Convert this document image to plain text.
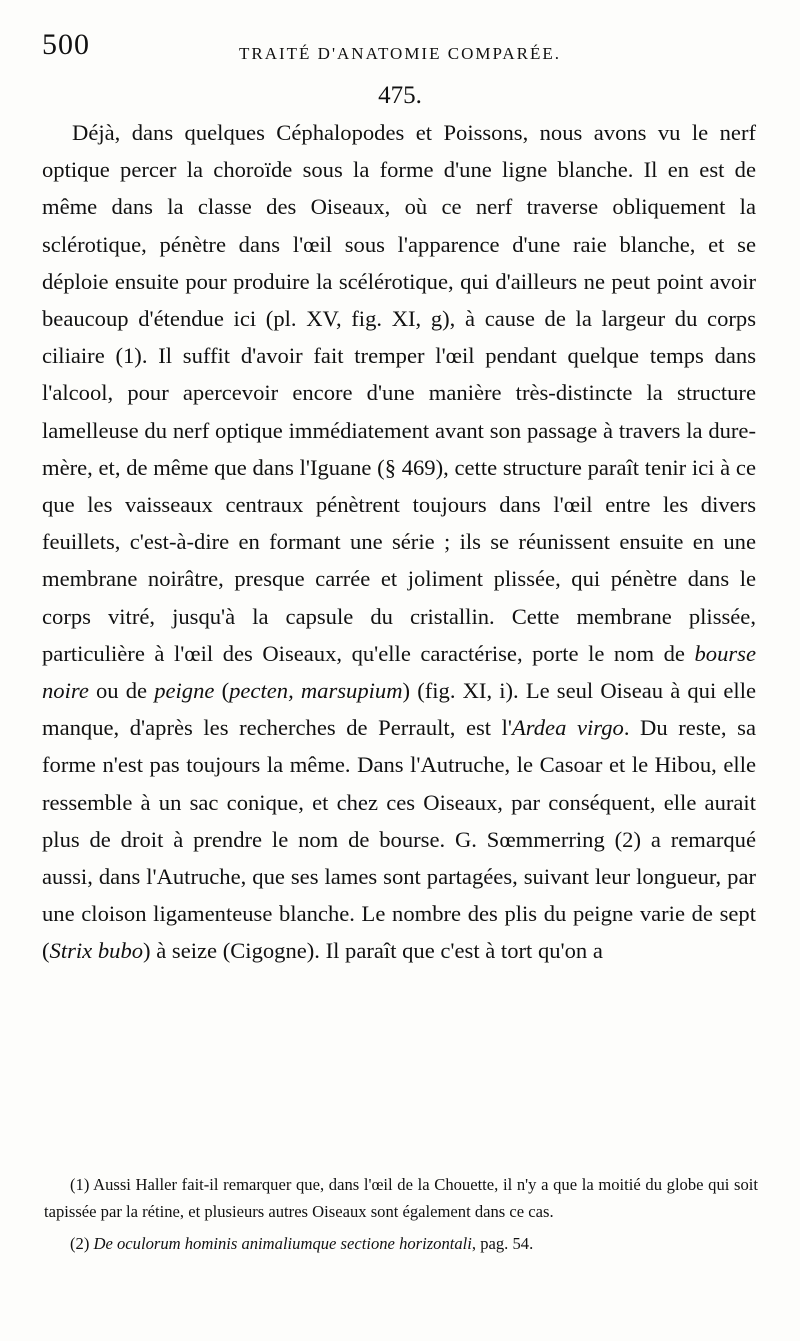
500	TRAITÉ D'ANATOMIE COMPARÉE.
475.

Déjà, dans quelques Céphalopodes et Poissons, nous avons vu le nerf optique percer la choroïde sous la forme d'une ligne blanche. Il en est de même dans la classe des Oiseaux, où ce nerf traverse obliquement la sclérotique, pénètre dans l'œil sous l'apparence d'une raie blanche, et se déploie ensuite pour produire la scélérotique, qui d'ailleurs ne peut point avoir beaucoup d'étendue ici (pl. XV, fig. XI, g), à cause de la largeur du corps ciliaire (1). Il suffit d'avoir fait tremper l'œil pendant quelque temps dans l'alcool, pour apercevoir encore d'une manière très-distincte la structure lamelleuse du nerf optique immédiatement avant son passage à travers la dure-mère, et, de même que dans l'Iguane (§ 469), cette structure paraît tenir ici à ce que les vaisseaux centraux pénètrent toujours dans l'œil entre les divers feuillets, c'est-à-dire en formant une série ; ils se réunissent ensuite en une membrane noirâtre, presque carrée et joliment plissée, qui pénètre dans le corps vitré, jusqu'à la capsule du cristallin. Cette membrane plissée, particulière à l'œil des Oiseaux, qu'elle caractérise, porte le nom de bourse noire ou de peigne (pecten, marsupium) (fig. XI, i). Le seul Oiseau à qui elle manque, d'après les recherches de Perrault, est l'Ardea virgo. Du reste, sa forme n'est pas toujours la même. Dans l'Autruche, le Casoar et le Hibou, elle ressemble à un sac conique, et chez ces Oiseaux, par conséquent, elle aurait plus de droit à prendre le nom de bourse. G. Sœmmerring (2) a remarqué aussi, dans l'Autruche, que ses lames sont partagées, suivant leur longueur, par une cloison ligamenteuse blanche. Le nombre des plis du peigne varie de sept (Strix bubo) à seize (Cigogne). Il paraît que c'est à tort qu'on a

(1) Aussi Haller fait-il remarquer que, dans l'œil de la Chouette, il n'y a que la moitié du globe qui soit tapissée par la rétine, et plusieurs autres Oiseaux sont également dans ce cas.

(2) De oculorum hominis animaliumque sectione horizontali, pag. 54.
